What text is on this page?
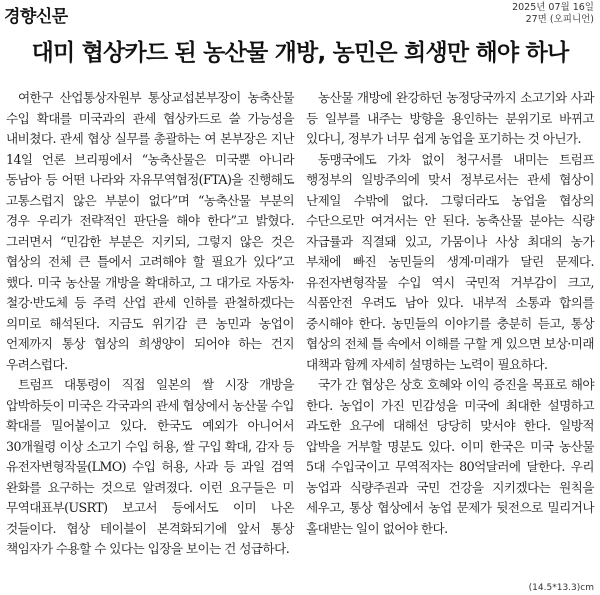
경향신문	2025년 07월 16일
27면 (오피니언)
대미 협상카드 된 농산물 개방, 농민은 희생만 해야 하나

여한구 산업통상자원부 통상교섭본부장이 농축산물 수입 확대를 미국과의 관세 협상카드로 쓸 가능성을 내비쳤다. 관세 협상 실무를 총괄하는 여 본부장은 지난 14일 언론 브리핑에서 “농축산물은 미국뿐 아니라 동남아 등 어떤 나라와 자유무역협정(FTA)을 진행해도 고통스럽지 않은 부분이 없다”며 “농축산물 부분의 경우 우리가 전략적인 판단을 해야 한다”고 밝혔다. 그러면서 “민감한 부분은 지키되, 그렇지 않은 것은 협상의 전체 큰 틀에서 고려해야 할 필요가 있다”고 했다. 미국 농산물 개방을 확대하고, 그 대가로 자동차·철강·반도체 등 주력 산업 관세 인하를 관철하겠다는 의미로 해석된다. 지금도 위기감 큰 농민과 농업이 언제까지 통상 협상의 희생양이 되어야 하는 건지 우려스럽다.

트럼프 대통령이 직접 일본의 쌀 시장 개방을 압박하듯이 미국은 각국과의 관세 협상에서 농산물 수입 확대를 밀어붙이고 있다. 한국도 예외가 아니어서 30개월령 이상 소고기 수입 허용, 쌀 구입 확대, 감자 등 유전자변형작물(LMO) 수입 허용, 사과 등 과일 검역 완화를 요구하는 것으로 알려졌다. 이런 요구들은 미 무역대표부(USRT) 보고서 등에서도 이미 나온 것들이다. 협상 테이블이 본격화되기에 앞서 통상 책임자가 수용할 수 있다는 입장을 보이는 건 성급하다.

농산물 개방에 완강하던 농정당국까지 소고기와 사과 등 일부를 내주는 방향을 용인하는 분위기로 바뀌고 있다니, 정부가 너무 쉽게 농업을 포기하는 것 아닌가.

동맹국에도 가차 없이 청구서를 내미는 트럼프 행정부의 일방주의에 맞서 정부로서는 관세 협상이 난제일 수밖에 없다. 그렇더라도 농업을 협상의 수단으로만 여겨서는 안 된다. 농축산물 분야는 식량 자급률과 직결돼 있고, 가뭄이나 사상 최대의 농가 부채에 빠진 농민들의 생계·미래가 달린 문제다. 유전자변형작물 수입 역시 국민적 거부감이 크고, 식품안전 우려도 남아 있다. 내부적 소통과 합의를 중시해야 한다. 농민들의 이야기를 충분히 듣고, 통상 협상의 전체 틀 속에서 이해를 구할 게 있으면 보상·미래 대책과 함께 자세히 설명하는 노력이 필요하다.

국가 간 협상은 상호 호혜와 이익 증진을 목표로 해야 한다. 농업이 가진 민감성을 미국에 최대한 설명하고 과도한 요구에 대해선 당당히 맞서야 한다. 일방적 압박을 거부할 명분도 있다. 이미 한국은 미국 농산물 5대 수입국이고 무역적자는 80억달러에 달한다. 우리 농업과 식량주권과 국민 건강을 지키겠다는 원칙을 세우고, 통상 협상에서 농업 문제가 뒷전으로 밀리거나 홀대받는 일이 없어야 한다.

(14.5*13.3)cm
